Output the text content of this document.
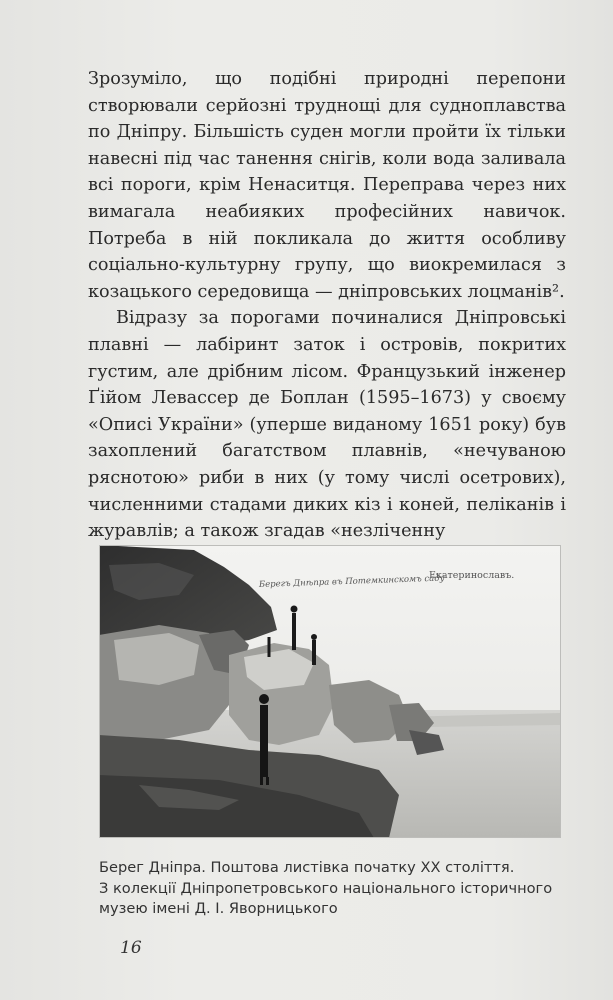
Зрозуміло, що подібні природні перепони створювали серйозні труднощі для судноплавства по Дніпру. Більшість суден могли пройти їх тільки навесні під час танення снігів, коли вода заливала всі пороги, крім Ненаситця. Переправа через них вимагала неабияких професійних навичок. Потреба в ній покликала до життя особливу соціально-культурну групу, що виокремилася з козацького середовища — дніпровських лоцманів².

Відразу за порогами починалися Дніпровські плавні — лабіринт заток і островів, покритих густим, але дрібним лісом. Французький інженер Ґійом Левассер де Боплан (1595–1673) у своєму «Описі України» (уперше виданому 1651 року) був захоплений багатством плавнів, «нечуваною ряснотою» риби в них (у тому числі осетрових), численними стадами диких кіз і коней, пеліканів і журавлів; а також згадав «незліченну

Берегъ Днѣпра въ Потемкинскомъ саду
Екатеринославъ.
Берег Дніпра. Поштова листівка початку ХХ століття.
З колекції Дніпропетровського національного історичного
музею імені Д. І. Яворницького
16
